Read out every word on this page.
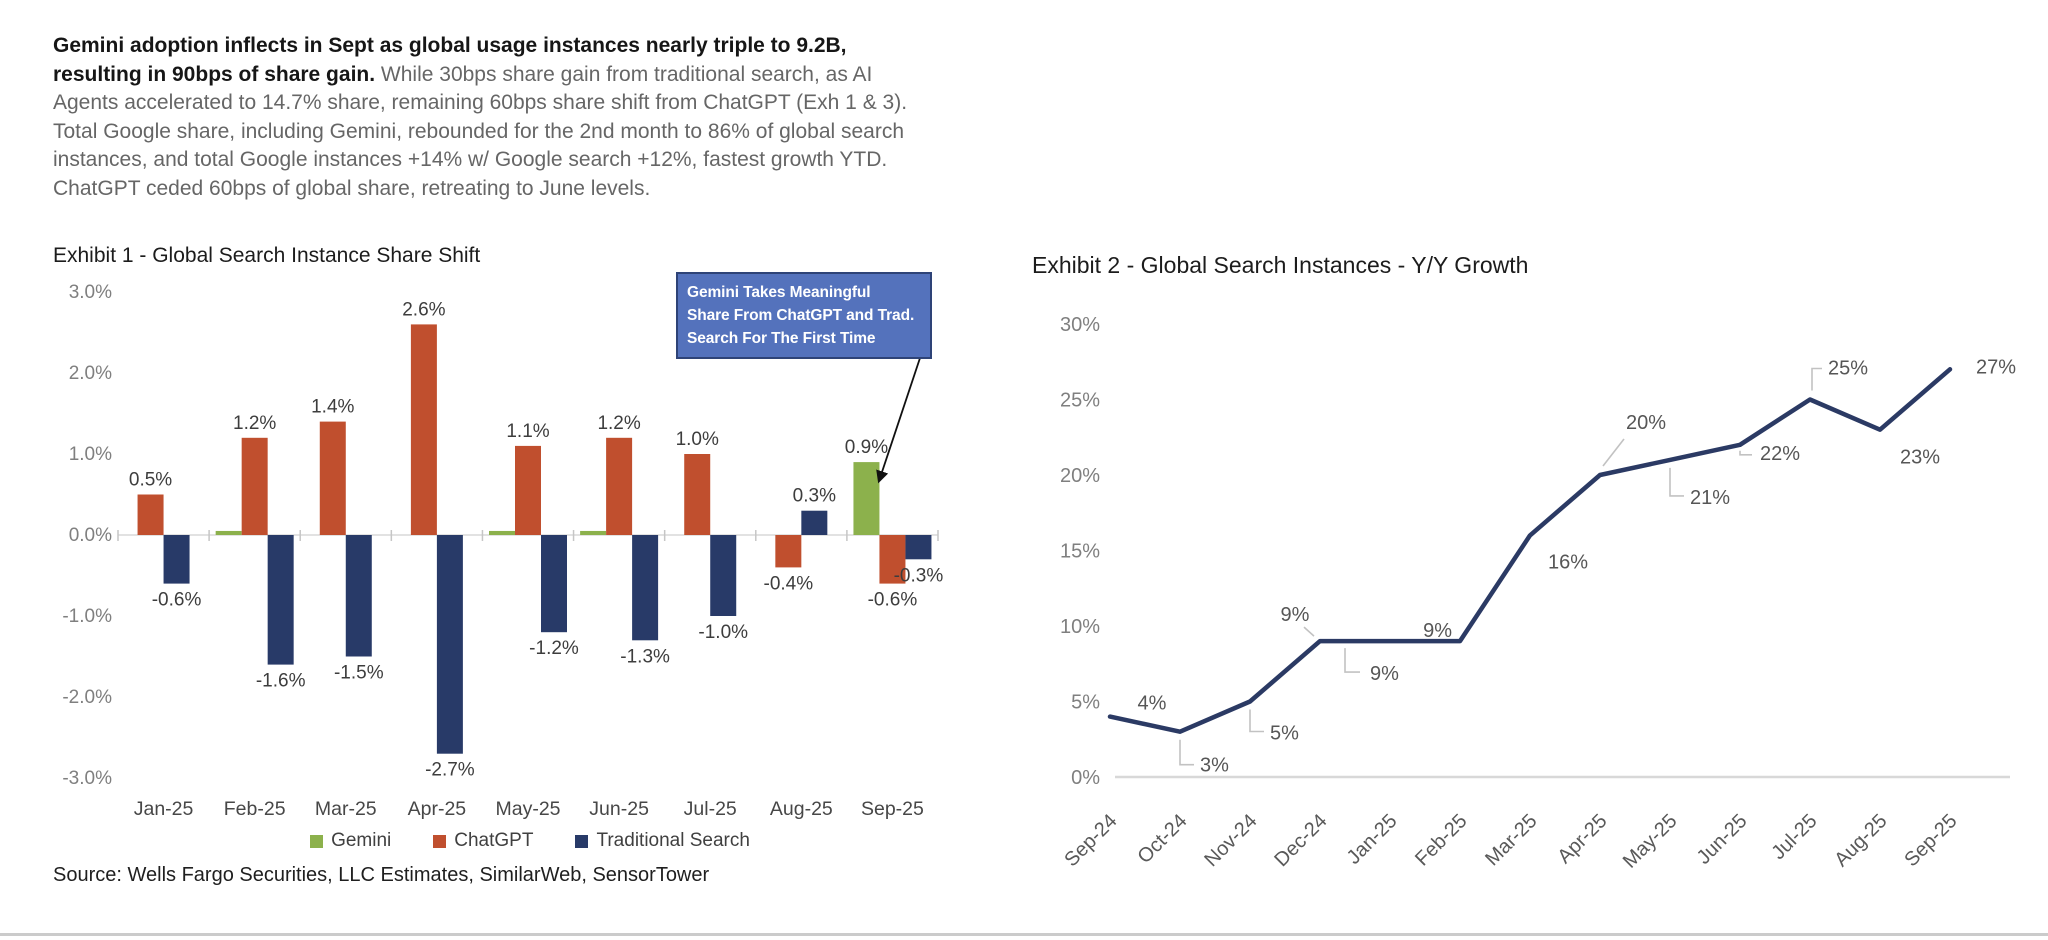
Gemini adoption inflects in Sept as global usage instances nearly triple to 9.2B, resulting in 90bps of share gain. While 30bps share gain from traditional search, as AI Agents accelerated to 14.7% share, remaining 60bps share shift from ChatGPT (Exh 1 & 3). Total Google share, including Gemini, rebounded for the 2nd month to 86% of global search instances, and total Google instances +14% w/ Google search +12%, fastest growth YTD. ChatGPT ceded 60bps of global share, retreating to June levels.

Exhibit 1 - Global Search Instance Share Shift	Exhibit 2 - Global Search Instances - Y/Y Growth
3.0%
2.0%
1.0%
0.0%
-1.0%
-2.0%
-3.0%
0.5%
-0.6%
Jan-25
1.2%
-1.6%
Feb-25
1.4%
-1.5%
Mar-25
2.6%
-2.7%
Apr-25
1.1%
-1.2%
May-25
1.2%
-1.3%
Jun-25
1.0%
-1.0%
Jul-25
-0.4%
0.3%
Aug-25
0.9%
-0.6%
-0.3%
Sep-25
Gemini Takes Meaningful
Share From ChatGPT and Trad.
Search For The First Time
Gemini	ChatGPT	Traditional Search
30%
25%
20%
15%
10%
5%
0%
4%
3%
5%
9%
9%
9%
16%
20%
21%
22%
25%
23%
27%
Sep-24 Oct-24 Nov-24 Dec-24 Jan-25 Feb-25 Mar-25 Apr-25 May-25 Jun-25 Jul-25 Aug-25 Sep-25
Source: Wells Fargo Securities, LLC Estimates, SimilarWeb, SensorTower
